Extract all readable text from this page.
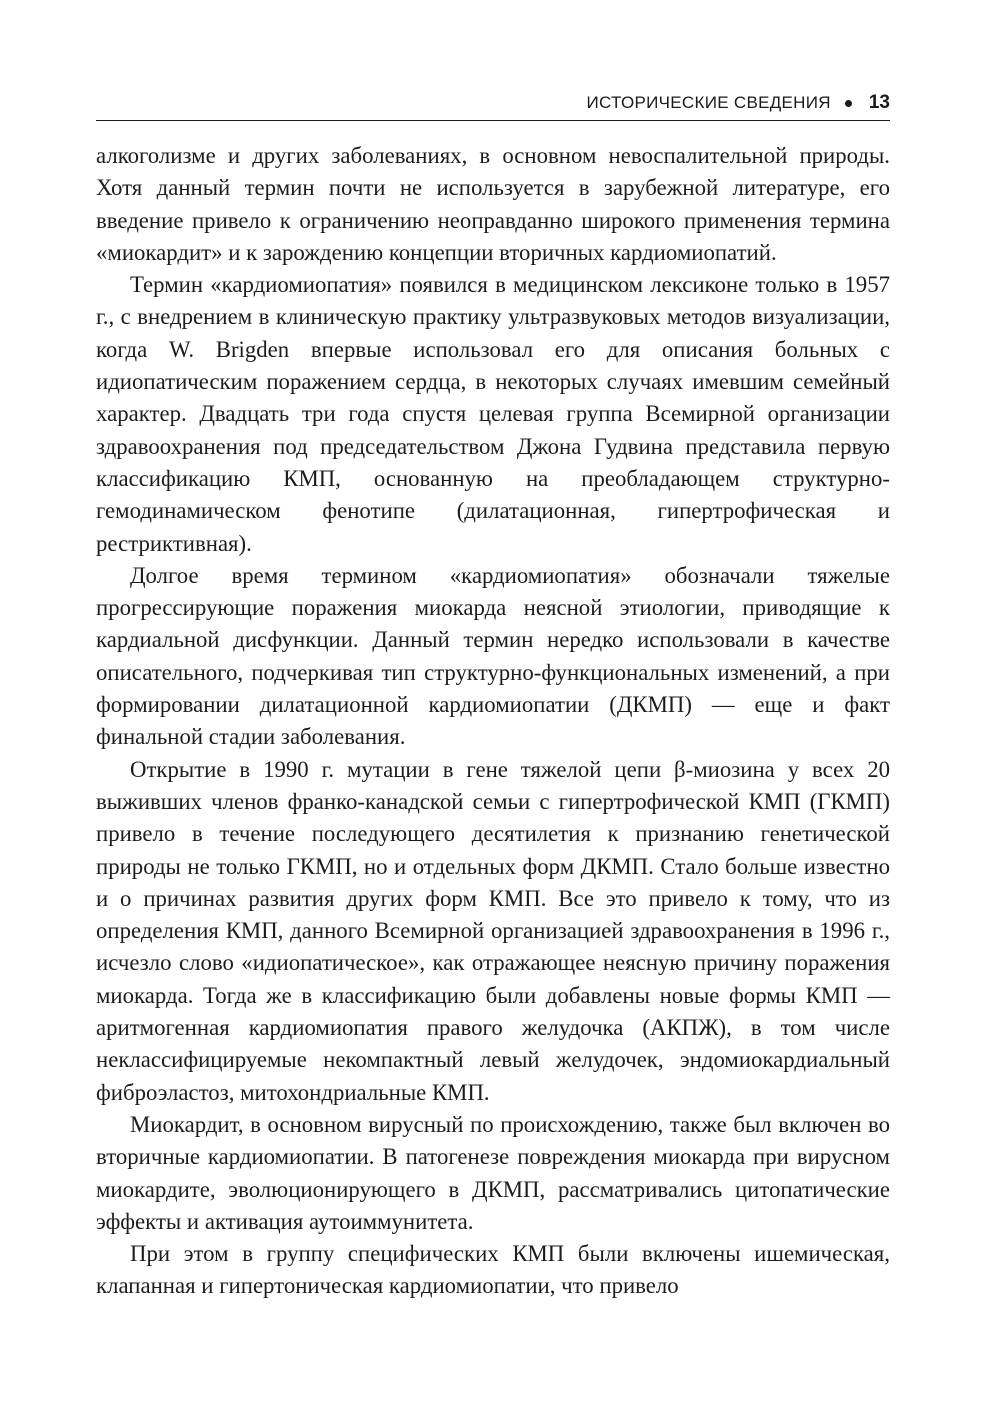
ИСТОРИЧЕСКИЕ СВЕДЕНИЯ 13

алкоголизме и других заболеваниях, в основном невоспалительной природы. Хотя данный термин почти не используется в зарубежной литературе, его введение привело к ограничению неоправданно широкого применения термина «миокардит» и к зарождению концепции вторичных кардиомиопатий.

Термин «кардиомиопатия» появился в медицинском лексиконе только в 1957 г., с внедрением в клиническую практику ультразвуковых методов визуализации, когда W. Brigden впервые использовал его для описания больных с идиопатическим поражением сердца, в некоторых случаях имевшим семейный характер. Двадцать три года спустя целевая группа Всемирной организации здравоохранения под председательством Джона Гудвина представила первую классификацию КМП, основанную на преобладающем структурно-гемодинамическом фенотипе (дилатационная, гипертрофическая и рестриктивная).

Долгое время термином «кардиомиопатия» обозначали тяжелые прогрессирующие поражения миокарда неясной этиологии, приводящие к кардиальной дисфункции. Данный термин нередко использовали в качестве описательного, подчеркивая тип структурно-функциональных изменений, а при формировании дилатационной кардиомиопатии (ДКМП) — еще и факт финальной стадии заболевания.

Открытие в 1990 г. мутации в гене тяжелой цепи β-миозина у всех 20 выживших членов франко-канадской семьи с гипертрофической КМП (ГКМП) привело в течение последующего десятилетия к признанию генетической природы не только ГКМП, но и отдельных форм ДКМП. Стало больше известно и о причинах развития других форм КМП. Все это привело к тому, что из определения КМП, данного Всемирной организацией здравоохранения в 1996 г., исчезло слово «идиопатическое», как отражающее неясную причину поражения миокарда. Тогда же в классификацию были добавлены новые формы КМП — аритмогенная кардиомиопатия правого желудочка (АКПЖ), в том числе неклассифицируемые некомпактный левый желудочек, эндомиокардиальный фиброэластоз, митохондриальные КМП.

Миокардит, в основном вирусный по происхождению, также был включен во вторичные кардиомиопатии. В патогенезе повреждения миокарда при вирусном миокардите, эволюционирующего в ДКМП, рассматривались цитопатические эффекты и активация аутоиммунитета.

При этом в группу специфических КМП были включены ишемическая, клапанная и гипертоническая кардиомиопатии, что привело
